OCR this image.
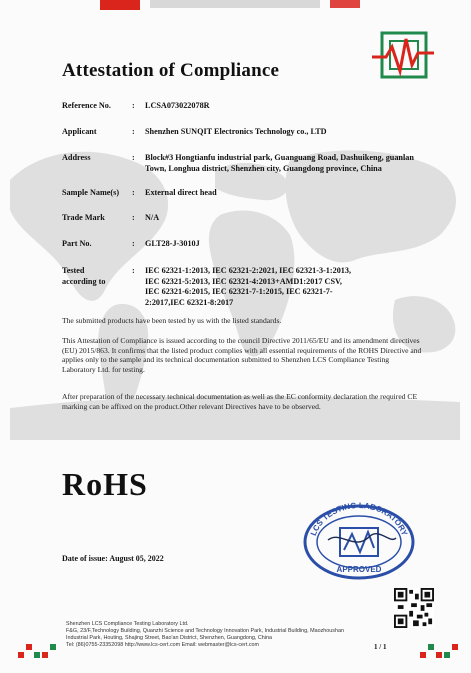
Attestation of Compliance
Reference No.	: LCSA073022078R
Applicant	: Shenzhen SUNQIT Electronics Technology co., LTD
Address	: Block#3 Hongtianfu industrial park, Guanguang Road, Dashuikeng, guanlan Town, Longhua district, Shenzhen city, Guangdong province, China
Sample Name(s)	: External direct head
Trade Mark	: N/A
Part No.	: GLT28-J-3010J
Tested according to
: IEC 62321-1:2013, IEC 62321-2:2021, IEC 62321-3-1:2013, IEC 62321-5:2013, IEC 62321-4:2013+AMD1:2017 CSV, IEC 62321-6:2015, IEC 62321-7-1:2015, IEC 62321-7-2:2017,IEC 62321-8:2017
The submitted products have been tested by us with the listed standards.
This Attestation of Compliance is issued according to the council Directive 2011/65/EU and its amendment directives (EU) 2015/863. It confirms that the listed product complies with all essential requirements of the ROHS Directive and applies only to the sample and its technical documentation submitted to Shenzhen LCS Compliance Testing Laboratory Ltd. for testing.
After preparation of the necessary technical documentation as well as the EC conformity declaration the required CE marking can be affixed on the product.Other relevant Directives have to be observed.
RoHS
LCS TESTING LABORATORY
APPROVED
Date of issue: August 05, 2022
Shenzhen LCS Compliance Testing Laboratory Ltd.
F&G, 23/F,Technology Building, Quanzhi Science and Technology Innovation Park, Industrial Building, Maozhoushan
Industrial Park, Houting, Shajing Street, Bao'an District, Shenzhen, Guangdong, China
Tel: (86)0755-23352098 http://www.lcs-cert.com Email: webmaster@lcs-cert.com	1 / 1
